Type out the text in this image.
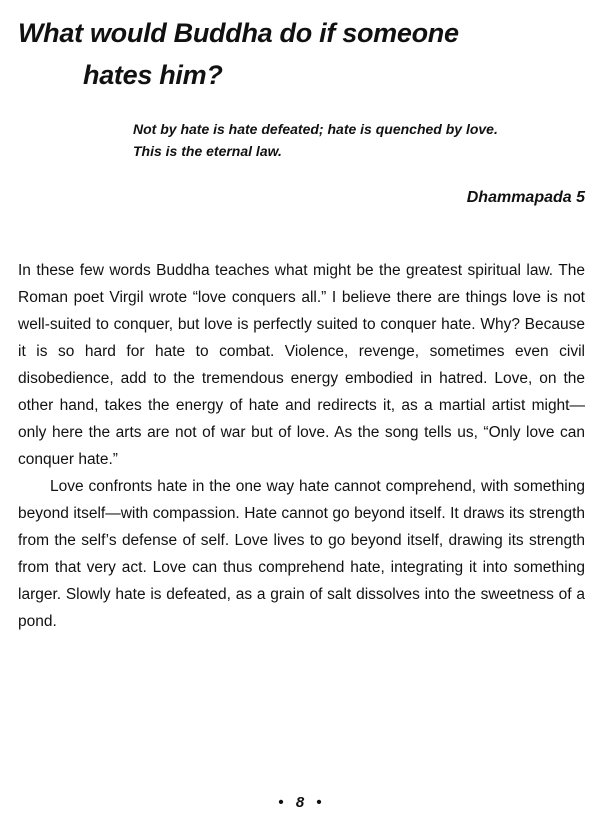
What would Buddha do if someone
hates him?
Not by hate is hate defeated; hate is quenched by love.
This is the eternal law.
Dhammapada 5

In these few words Buddha teaches what might be the greatest spiritual law. The Roman poet Virgil wrote “love conquers all.” I believe there are things love is not well-suited to conquer, but love is perfectly suited to conquer hate. Why? Because it is so hard for hate to combat. Violence, revenge, sometimes even civil disobedience, add to the tremendous energy embodied in hatred. Love, on the other hand, takes the energy of hate and redirects it, as a martial artist might—only here the arts are not of war but of love. As the song tells us, “Only love can conquer hate.”

Love confronts hate in the one way hate cannot comprehend, with something beyond itself—with compassion. Hate cannot go beyond itself. It draws its strength from the self’s defense of self. Love lives to go beyond itself, drawing its strength from that very act. Love can thus comprehend hate, integrating it into something larger. Slowly hate is defeated, as a grain of salt dissolves into the sweetness of a pond.

• 8 •
